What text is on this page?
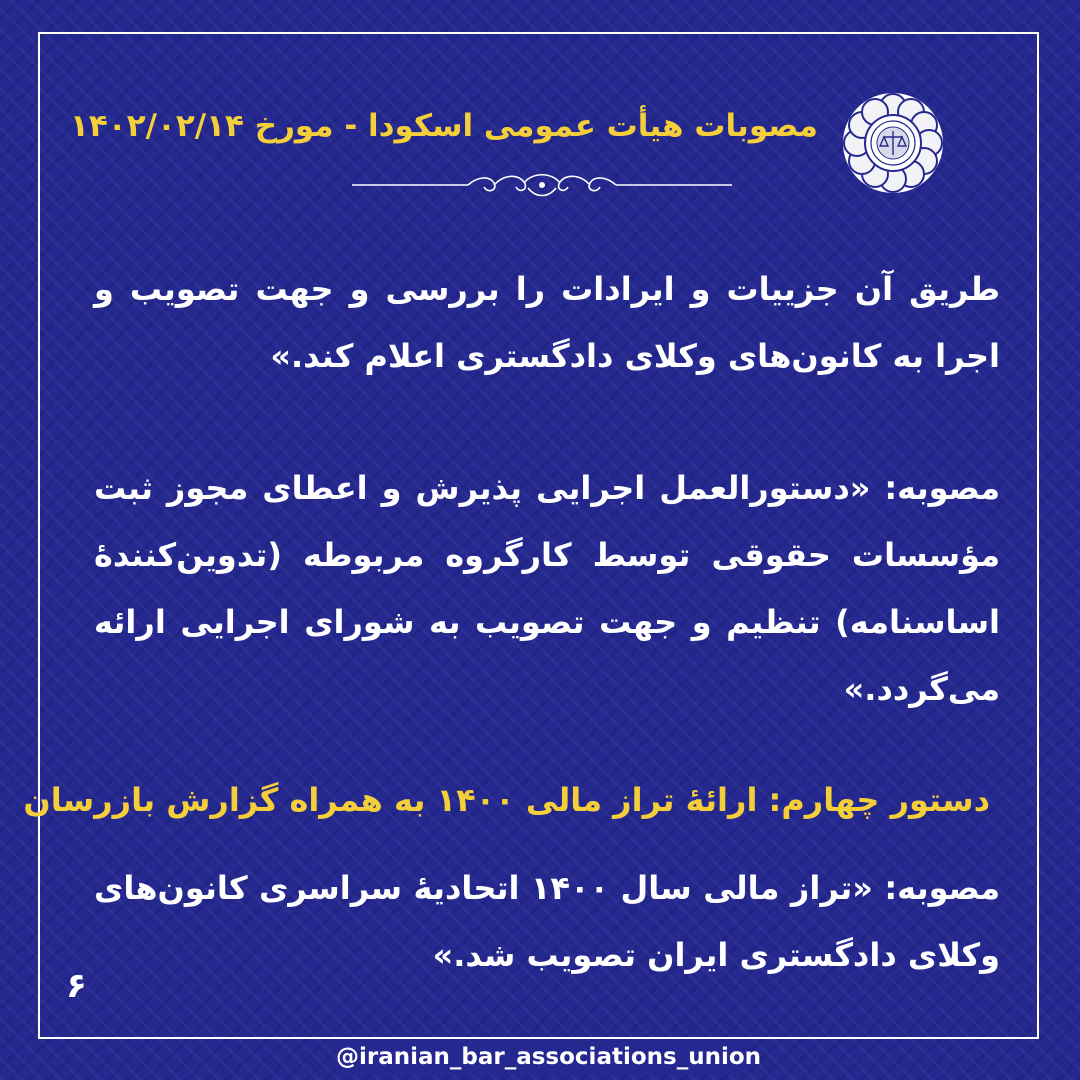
مصوبات هیأت عمومی اسکودا - مورخ ۱۴۰۲/۰۲/۱۴
طریق آن جزییات و ایرادات را بررسی و جهت تصویب و اجرا به کانون‌های وکلای دادگستری اعلام کند.»
مصوبه: «دستورالعمل اجرایی پذیرش و اعطای مجوز ثبت مؤسسات حقوقی توسط کارگروه مربوطه (تدوین‌کنندۀ اساسنامه) تنظیم و جهت تصویب به شورای اجرایی ارائه می‌گردد.»
دستور چهارم: ارائۀ تراز مالی ۱۴۰۰ به همراه گزارش بازرسان
مصوبه: «تراز مالی سال ۱۴۰۰ اتحادیۀ سراسری کانون‌های وکلای دادگستری ایران تصویب شد.»
۶
@iranian_bar_associations_union
